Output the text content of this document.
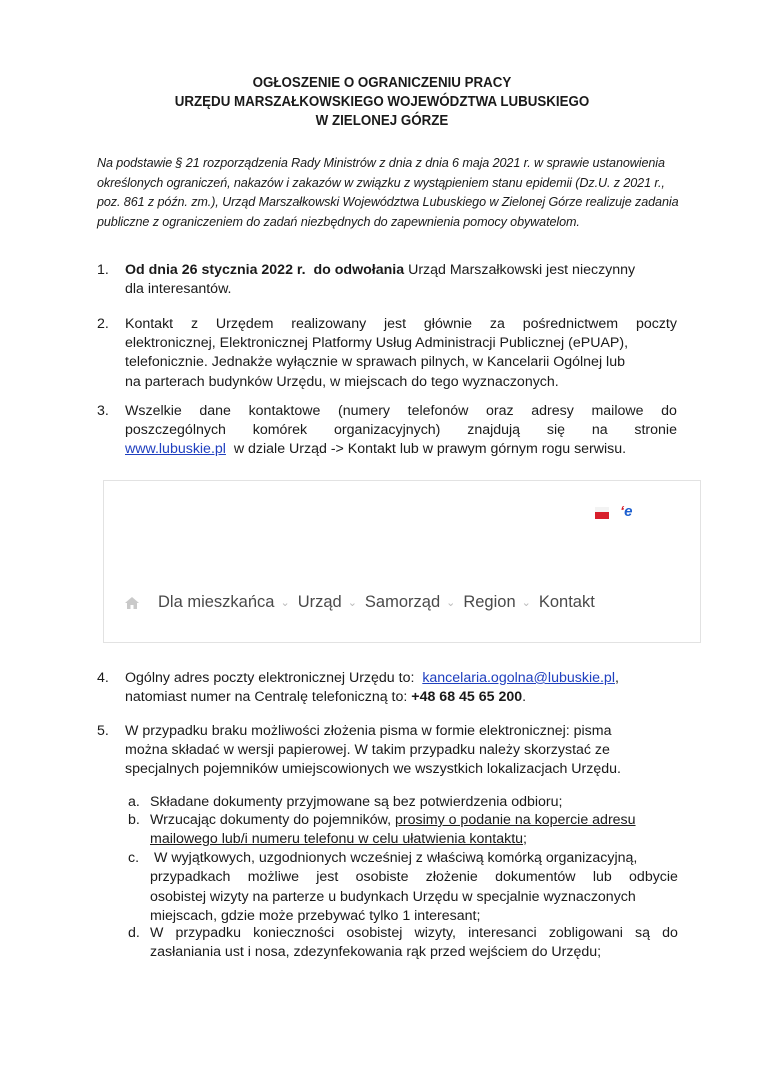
OGŁOSZENIE O OGRANICZENIU PRACY
URZĘDU MARSZAŁKOWSKIEGO WOJEWÓDZTWA LUBUSKIEGO
W ZIELONEJ GÓRZE
Na podstawie § 21 rozporządzenia Rady Ministrów z dnia z dnia 6 maja 2021 r. w sprawie ustanowienia
określonych ograniczeń, nakazów i zakazów w związku z wystąpieniem stanu epidemii (Dz.U. z 2021 r.,
poz. 861 z późn. zm.), Urząd Marszałkowski Województwa Lubuskiego w Zielonej Górze realizuje zadania
publiczne z ograniczeniem do zadań niezbędnych do zapewnienia pomocy obywatelom.
1. Od dnia 26 stycznia 2022 r. do odwołania Urząd Marszałkowski jest nieczynny
dla interesantów.
2. Kontakt z Urzędem realizowany jest głównie za pośrednictwem poczty
elektronicznej, Elektronicznej Platformy Usług Administracji Publicznej (ePUAP),
telefonicznie. Jednakże wyłącznie w sprawach pilnych, w Kancelarii Ogólnej lub
na parterach budynków Urzędu, w miejscach do tego wyznaczonych.
3. Wszelkie dane kontaktowe (numery telefonów oraz adresy mailowe do
poszczególnych komórek organizacyjnych) znajdują się na stronie
www.lubuskie.pl w dziale Urząd -> Kontakt lub w prawym górnym rogu serwisu.
‘e
Dla mieszkańca ⌄ Urząd ⌄ Samorząd ⌄ Region ⌄ Kontakt
4. Ogólny adres poczty elektronicznej Urzędu to: kancelaria.ogolna@lubuskie.pl,
natomiast numer na Centralę telefoniczną to: +48 68 45 65 200.
5. W przypadku braku możliwości złożenia pisma w formie elektronicznej: pisma
można składać w wersji papierowej. W takim przypadku należy skorzystać ze
specjalnych pojemników umiejscowionych we wszystkich lokalizacjach Urzędu.
a. Składane dokumenty przyjmowane są bez potwierdzenia odbioru;
b. Wrzucając dokumenty do pojemników, prosimy o podanie na kopercie adresu
mailowego lub/i numeru telefonu w celu ułatwienia kontaktu;
c. W wyjątkowych, uzgodnionych wcześniej z właściwą komórką organizacyjną,
przypadkach możliwe jest osobiste złożenie dokumentów lub odbycie
osobistej wizyty na parterze u budynkach Urzędu w specjalnie wyznaczonych
miejscach, gdzie może przebywać tylko 1 interesant;
d. W przypadku konieczności osobistej wizyty, interesanci zobligowani są do
zasłaniania ust i nosa, zdezynfekowania rąk przed wejściem do Urzędu;
